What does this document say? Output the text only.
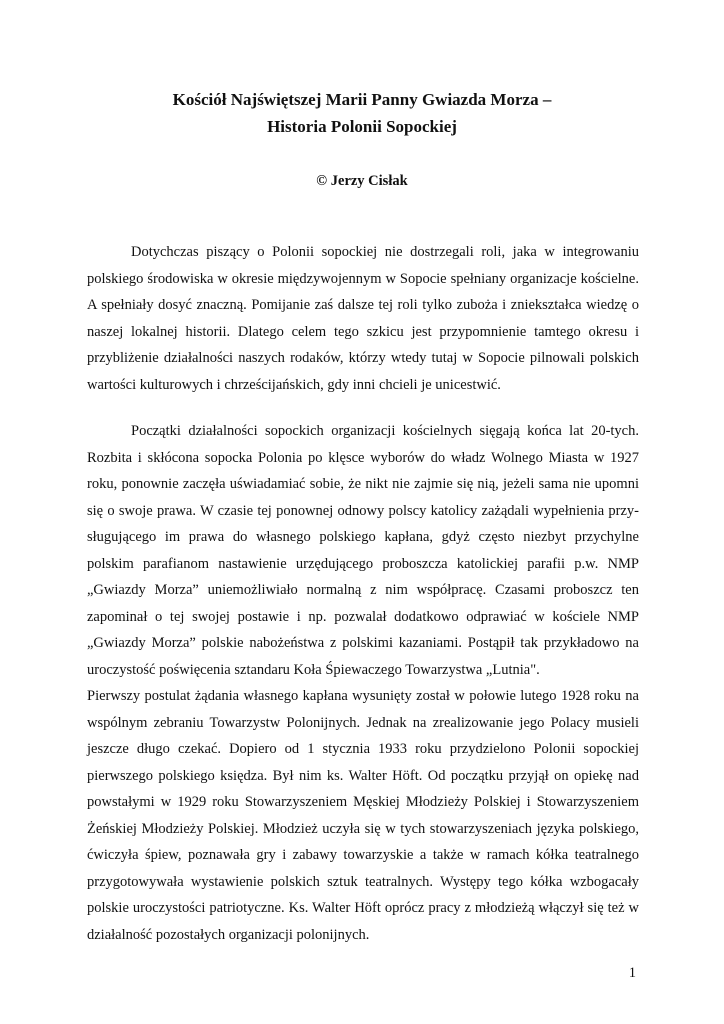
Kościół Najświętszej Marii Panny Gwiazda Morza –
Historia Polonii Sopockiej
© Jerzy Cisłak

Dotychczas piszący o Polonii sopockiej nie dostrzegali roli, jaka w integrowaniu polskiego środowiska w okresie międzywojennym w Sopocie spełniany organizacje kościelne. A spełniały dosyć znaczną. Pomijanie zaś dalsze tej roli tylko zuboża i zniekształca wiedzę o naszej lokalnej historii. Dlatego celem tego szkicu jest przypomnienie tamtego okresu i przybliżenie działalności naszych rodaków, którzy wtedy tutaj w Sopocie pilnowali polskich wartości kulturowych i chrześcijańskich, gdy inni chcieli je unicestwić.

Początki działalności sopockich organizacji kościelnych sięgają końca lat 20-tych. Rozbita i skłócona sopocka Polonia po klęsce wyborów do władz Wolnego Miasta w 1927 roku, ponownie zaczęła uświadamiać sobie, że nikt nie zajmie się nią, jeżeli sama nie upomni się o swoje prawa. W czasie tej ponownej odnowy polscy katolicy zażądali wypełnienia przy-sługującego im prawa do własnego polskiego kapłana, gdyż często niezbyt przychylne polskim parafianom nastawienie urzędującego proboszcza katolickiej parafii p.w. NMP „Gwiazdy Morza” uniemożliwiało normalną z nim współpracę. Czasami proboszcz ten zapominał o tej swojej postawie i np. pozwalał dodatkowo odprawiać w kościele NMP „Gwiazdy Morza” polskie nabożeństwa z polskimi kazaniami. Postąpił tak przykładowo na uroczystość poświęcenia sztandaru Koła Śpiewaczego Towarzystwa „Lutnia".

Pierwszy postulat żądania własnego kapłana wysunięty został w połowie lutego 1928 roku na wspólnym zebraniu Towarzystw Polonijnych. Jednak na zrealizowanie jego Polacy musieli jeszcze długo czekać. Dopiero od 1 stycznia 1933 roku przydzielono Polonii sopockiej pierwszego polskiego księdza. Był nim ks. Walter Höft. Od początku przyjął on opiekę nad powstałymi w 1929 roku Stowarzyszeniem Męskiej Młodzieży Polskiej i Stowarzyszeniem Żeńskiej Młodzieży Polskiej. Młodzież uczyła się w tych stowarzyszeniach języka polskiego, ćwiczyła śpiew, poznawała gry i zabawy towarzyskie a także w ramach kółka teatralnego przygotowywała wystawienie polskich sztuk teatralnych. Występy tego kółka wzbogacały polskie uroczystości patriotyczne. Ks. Walter Höft oprócz pracy z młodzieżą włączył się też w działalność pozostałych organizacji polonijnych.

1
